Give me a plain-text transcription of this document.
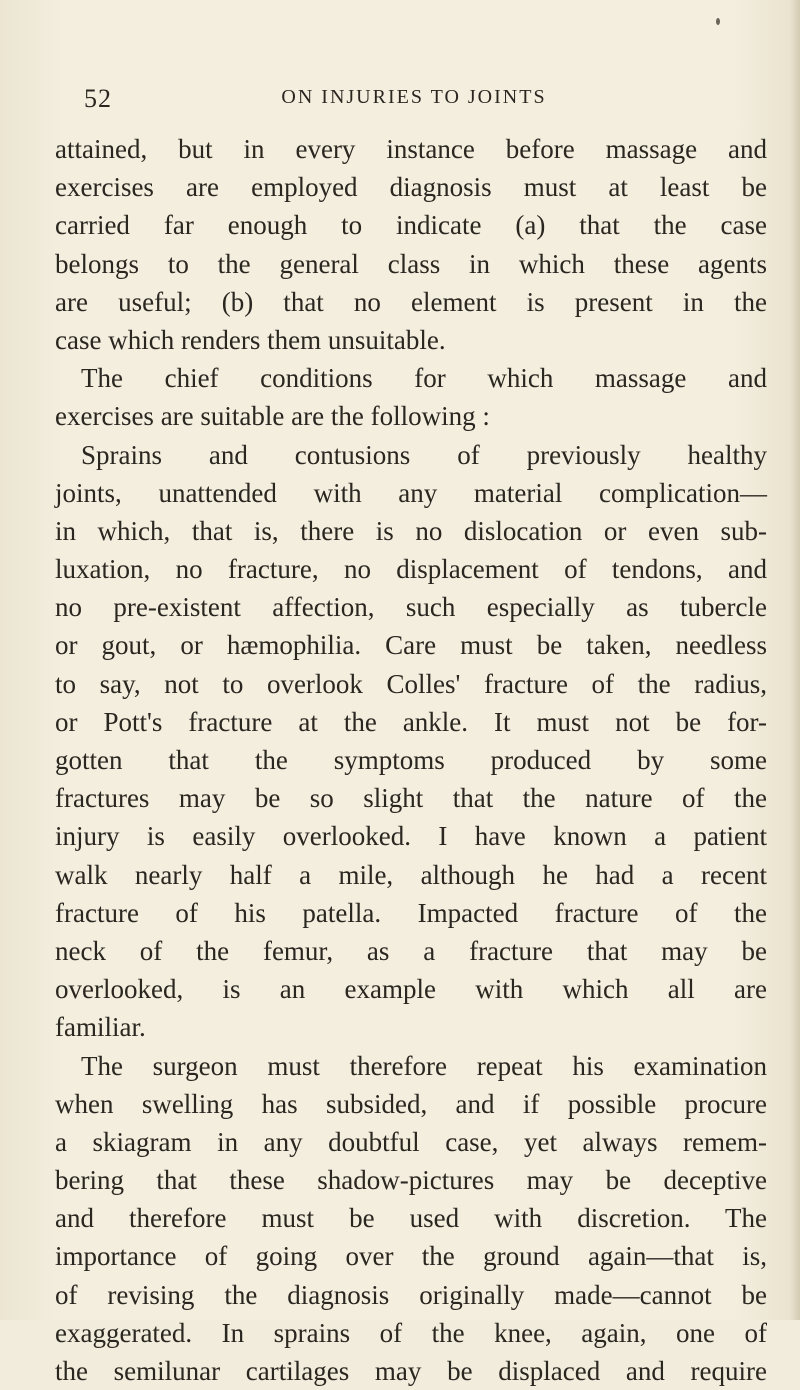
52	ON INJURIES TO JOINTS
attained, but in every instance before massage and
exercises are employed diagnosis must at least be
carried far enough to indicate (a) that the case
belongs to the general class in which these agents
are useful; (b) that no element is present in the
case which renders them unsuitable.
The chief conditions for which massage and
exercises are suitable are the following :
Sprains and contusions of previously healthy
joints, unattended with any material complication—
in which, that is, there is no dislocation or even sub-
luxation, no fracture, no displacement of tendons, and
no pre-existent affection, such especially as tubercle
or gout, or hæmophilia. Care must be taken, needless
to say, not to overlook Colles' fracture of the radius,
or Pott's fracture at the ankle. It must not be for-
gotten that the symptoms produced by some
fractures may be so slight that the nature of the
injury is easily overlooked. I have known a patient
walk nearly half a mile, although he had a recent
fracture of his patella. Impacted fracture of the
neck of the femur, as a fracture that may be
overlooked, is an example with which all are
familiar.
The surgeon must therefore repeat his examination
when swelling has subsided, and if possible procure
a skiagram in any doubtful case, yet always remem-
bering that these shadow-pictures may be deceptive
and therefore must be used with discretion. The
importance of going over the ground again—that is,
of revising the diagnosis originally made—cannot be
exaggerated. In sprains of the knee, again, one of
the semilunar cartilages may be displaced and require
